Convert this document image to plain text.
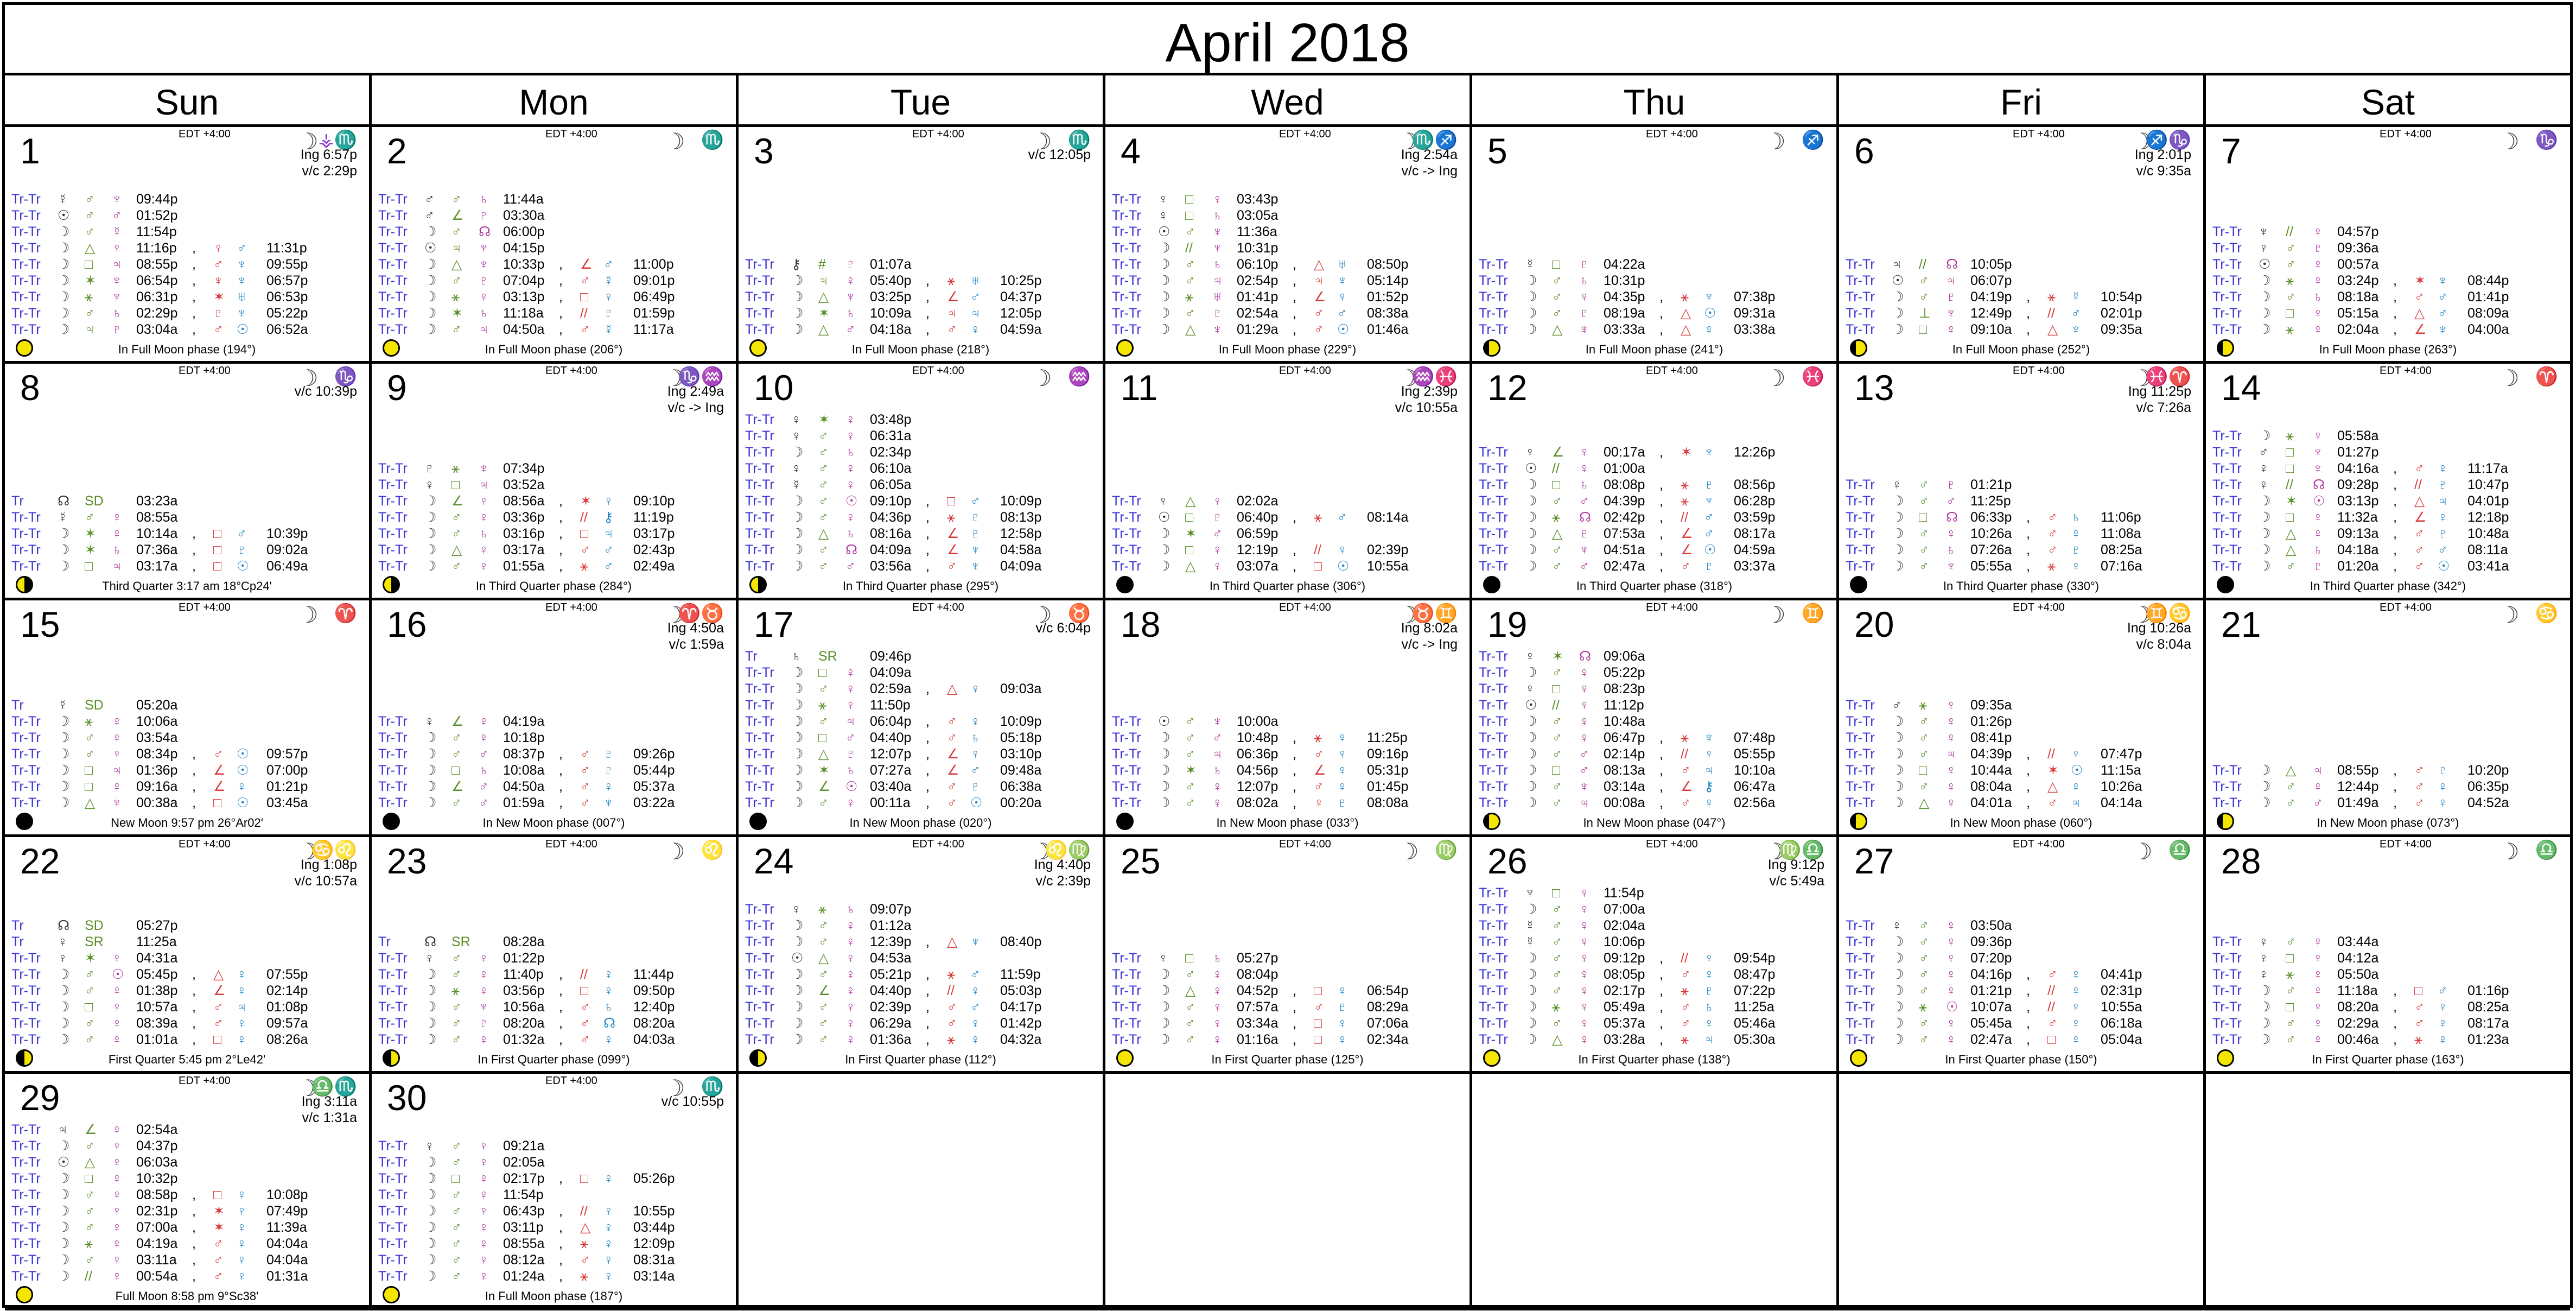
April 2018
Sun	Mon	Tue	Wed	Thu	Fri	Sat
1	EDT +4:00	☽ ⚶♏
Ing 6:57p
v/c 2:29p
Tr-Tr ☿ ♂ ♆ 09:44p
Tr-Tr ☉ ♂ ♂ 01:52p
Tr-Tr ☽ ♂ ☿ 11:54p
Tr-Tr ☽ △ ♀ 11:16p , ♀ ♂ 11:31p
Tr-Tr ☽ □ ♃ 08:55p , ♂ ♆ 09:55p
Tr-Tr ☽ ✶ ♆ 06:54p , ♆ ♆ 06:57p
Tr-Tr ☽ ⚹ ♆ 06:31p , ✶ ♅ 06:53p
Tr-Tr ☽ ♂ ♄ 02:29p , ♇ ♆ 05:22p
Tr-Tr ☽ ♃ ♇ 03:04a , ♂ ☉ 06:52a
In Full Moon phase (194°)
2	EDT +4:00	☽ ♏
Tr-Tr ♂ ♂ ♄ 11:44a
Tr-Tr ♂ ∠ ♇ 03:30a
Tr-Tr ☽ ♂ ☊ 06:00p
Tr-Tr ☉ ♃ ♆ 04:15p
Tr-Tr ☽ △ ♆ 10:33p , ∠ ♂ 11:00p
Tr-Tr ☽ ♂ ♇ 07:04p , ♂ ☿ 09:01p
Tr-Tr ☽ ⚹ ♀ 03:13p , □ ♀ 06:49p
Tr-Tr ☽ ✶ ♄ 11:18a , // ♇ 01:59p
Tr-Tr ☽ ♂ ♃ 04:50a , ♂ ☿ 11:17a
In Full Moon phase (206°)
3	EDT +4:00	☽ ♏
v/c 12:05p
Tr-Tr ⚷ # ♇ 01:07a
Tr-Tr ☽ ♃ ♀ 05:40p , ⚹ ♅ 10:25p
Tr-Tr ☽ △ ♆ 03:25p , ∠ ♂ 04:37p
Tr-Tr ☽ ✶ ♄ 10:09a , ♃ ♃ 12:05p
Tr-Tr ☽ △ ♂ 04:18a , ♂ ♀ 04:59a
In Full Moon phase (218°)
4	EDT +4:00	☽
♏♐
Ing 2:54a
v/c -> Ing
Tr-Tr ♀ □ ♀ 03:43p
Tr-Tr ♀ □ ♄ 03:05a
Tr-Tr ☉ ♂ ♆ 11:36a
Tr-Tr ☽ // ♆ 10:31p
Tr-Tr ☽ ♂ ♄ 06:10p , △ ♅ 08:50p
Tr-Tr ☽ ♂ ♃ 02:54p , ♃ ♆ 05:14p
Tr-Tr ☽ ⚹ ♅ 01:41p , ∠ ♀ 01:52p
Tr-Tr ☽ ♂ ♇ 02:54a , ♂ ♂ 08:38a
Tr-Tr ☽ △ ♆ 01:29a , ♂ ☉ 01:46a
In Full Moon phase (229°)
5	EDT +4:00	☽ ♐
Tr-Tr ☿ □ ♇ 04:22a
Tr-Tr ☽ ♂ ♄ 10:31p
Tr-Tr ☽ ♂ ♀ 04:35p , ⚹ ♆ 07:38p
Tr-Tr ☽ ♂ ♇ 08:19a , △ ☉ 09:31a
Tr-Tr ☽ △ ♆ 03:33a , △ ♀ 03:38a
In Full Moon phase (241°)
6	EDT +4:00	☽
♐♑
Ing 2:01p
v/c 9:35a
Tr-Tr ♃ // ☊ 10:05p
Tr-Tr ☉ ♂ ♃ 06:07p
Tr-Tr ☽ ♂ ♇ 04:19p , ⚹ ☿ 10:54p
Tr-Tr ☽ ⊥ ♆ 12:49p , // ♂ 02:01p
Tr-Tr ☽ □ ♀ 09:10a , △ ♆ 09:35a
In Full Moon phase (252°)
7	EDT +4:00	☽ ♑
Tr-Tr ♆ // ♀ 04:57p
Tr-Tr ♀ ♂ ♇ 09:36a
Tr-Tr ☉ ♂ ♀ 00:57a
Tr-Tr ☽ ⚹ ♀ 03:24p , ✶ ♆ 08:44p
Tr-Tr ☽ ♂ ♄ 08:18a , ♂ ♂ 01:41p
Tr-Tr ☽ □ ♀ 05:15a , △ ♂ 08:09a
Tr-Tr ☽ ⚹ ♀ 02:04a , ∠ ♆ 04:00a
In Full Moon phase (263°)
8	EDT +4:00	☽ ♑
v/c 10:39p
Tr ☊ SD 03:23a
Tr-Tr ☿ ♂ ♀ 08:55a
Tr-Tr ☽ ✶ ♀ 10:14a , □ ♂ 10:39p
Tr-Tr ☽ ✶ ♄ 07:36a , □ ♇ 09:02a
Tr-Tr ☽ □ ♃ 03:17a , □ ☉ 06:49a
Third Quarter 3:17 am 18°Cp24'
9	EDT +4:00	☽
♑♒
Ing 2:49a
v/c -> Ing
Tr-Tr ♇ ⚹ ♆ 07:34p
Tr-Tr ♀ □ ♃ 03:52a
Tr-Tr ☽ ∠ ♀ 08:56a , ✶ ♀ 09:10p
Tr-Tr ☽ ♂ ♀ 03:36p , // ⚷ 11:19p
Tr-Tr ☽ ♂ ♄ 03:16p , □ ♃ 03:17p
Tr-Tr ☽ △ ♀ 03:17a , ♂ ♂ 02:43p
Tr-Tr ☽ ♂ ♀ 01:55a , ⚹ ♂ 02:49a
In Third Quarter phase (284°)
10	EDT +4:00	☽ ♒
Tr-Tr ♀ ✶ ♀ 03:48p
Tr-Tr ♀ ♂ ♀ 06:31a
Tr-Tr ☽ ♂ ♄ 02:34p
Tr-Tr ♀ ♂ ♀ 06:10a
Tr-Tr ☿ ♂ ♀ 06:05a
Tr-Tr ☽ ♂ ☉ 09:10p , □ ♂ 10:09p
Tr-Tr ☽ ♂ ♀ 04:36p , ⚹ ♇ 08:13p
Tr-Tr ☽ △ ♄ 08:16a , ∠ ♇ 12:58p
Tr-Tr ☽ ♂ ☊ 04:09a , ∠ ♆ 04:58a
Tr-Tr ☽ ♂ ♂ 03:56a , ♂ ♆ 04:09a
In Third Quarter phase (295°)
11	EDT +4:00	☽
♒♓
Ing 2:39p
v/c 10:55a
Tr-Tr ♀ △ ♀ 02:02a
Tr-Tr ☉ □ ♇ 06:40p , ⚹ ♂ 08:14a
Tr-Tr ☽ ✶ ♂ 06:59p
Tr-Tr ☽ □ ♀ 12:19p , // ♀ 02:39p
Tr-Tr ☽ △ ♀ 03:07a , □ ☉ 10:55a
In Third Quarter phase (306°)
12	EDT +4:00	☽ ♓
Tr-Tr ♀ ∠ ♀ 00:17a , ✶ ♆ 12:26p
Tr-Tr ☉ // ♀ 01:00a
Tr-Tr ☽ □ ♄ 08:08p , ⚹ ♇ 08:56p
Tr-Tr ☽ ♂ ♂ 04:39p , ⚹ ♆ 06:28p
Tr-Tr ☽ ⚹ ☊ 02:42p , // ♂ 03:59p
Tr-Tr ☽ △ ♇ 07:53a , ∠ ♂ 08:17a
Tr-Tr ☽ ♂ ♆ 04:51a , ∠ ☉ 04:59a
Tr-Tr ☽ ♂ ♂ 02:47a , ♂ ♇ 03:37a
In Third Quarter phase (318°)
13	EDT +4:00	☽
♓♈
Ing 11:25p
v/c 7:26a
Tr-Tr ♀ ♂ ♇ 01:21p
Tr-Tr ☽ ♂ ♂ 11:25p
Tr-Tr ☽ □ ☊ 06:33p , ♂ ♄ 11:06p
Tr-Tr ☽ ♂ ♀ 10:26a , ♂ ♀ 11:08a
Tr-Tr ☽ ♂ ♄ 07:26a , ♂ ♇ 08:25a
Tr-Tr ☽ ♂ ♆ 05:55a , ⚹ ♀ 07:16a
In Third Quarter phase (330°)
14	EDT +4:00	☽ ♈
Tr-Tr ☽ ⚹ ♀ 05:58a
Tr-Tr ♂ □ ♆ 01:27p
Tr-Tr ♀ □ ♆ 04:16a , ♂ ♀ 11:17a
Tr-Tr ♀ // ☊ 09:28p , // ♇ 10:47p
Tr-Tr ☽ ✶ ☉ 03:13p , △ ♃ 04:01p
Tr-Tr ☽ □ ♀ 11:32a , ∠ ♀ 12:18p
Tr-Tr ☽ △ ♀ 09:13a , ♂ ♇ 10:48a
Tr-Tr ☽ △ ♄ 04:18a , ♂ ♂ 08:11a
Tr-Tr ☽ ♂ ♇ 01:20a , ♂ ☉ 03:41a
In Third Quarter phase (342°)
15	EDT +4:00	☽ ♈
Tr ☿ SD 05:20a
Tr-Tr ☽ ⚹ ♀ 10:06a
Tr-Tr ☽ ♂ ♀ 03:54a
Tr-Tr ☽ ♂ ♀ 08:34p , ♂ ☉ 09:57p
Tr-Tr ☽ □ ♃ 01:36p , ∠ ☉ 07:00p
Tr-Tr ☽ □ ♀ 09:16a , ∠ ♀ 01:21p
Tr-Tr ☽ △ ♆ 00:38a , □ ☉ 03:45a
New Moon 9:57 pm 26°Ar02'
16	EDT +4:00	☽
♈♉
Ing 4:50a
v/c 1:59a
Tr-Tr ♀ ∠ ♀ 04:19a
Tr-Tr ☽ ♂ ♀ 10:18p
Tr-Tr ☽ ♂ ♂ 08:37p , ♂ ♇ 09:26p
Tr-Tr ☽ □ ♄ 10:08a , ♂ ♇ 05:44p
Tr-Tr ☽ ∠ ♂ 04:50a , ♂ ♀ 05:37a
Tr-Tr ☽ ♂ ♂ 01:59a , ♂ ♆ 03:22a
In New Moon phase (007°)
17	EDT +4:00	☽ ♉
v/c 6:04p
Tr ♄ SR 09:46p
Tr-Tr ☽ □ ♀ 04:09a
Tr-Tr ☽ ♂ ♀ 02:59a , △ ♀ 09:03a
Tr-Tr ☽ ⚹ ♀ 11:50p
Tr-Tr ☽ ♂ ♃ 06:04p , ♂ ♀ 10:09p
Tr-Tr ☽ □ ♂ 04:40p , ♂ ♄ 05:18p
Tr-Tr ☽ △ ♇ 12:07p , ∠ ♀ 03:10p
Tr-Tr ☽ ✶ ♄ 07:27a , ∠ ♂ 09:48a
Tr-Tr ☽ ∠ ☉ 03:40a , ♂ ♇ 06:38a
Tr-Tr ☽ ♂ ♀ 00:11a , ♂ ☉ 00:20a
In New Moon phase (020°)
18	EDT +4:00	☽
♉♊
Ing 8:02a
v/c -> Ing
Tr-Tr ☉ ♂ ♆ 10:00a
Tr-Tr ☽ ♂ ♂ 10:48p , ⚹ ♀ 11:25p
Tr-Tr ☽ ♂ ♃ 06:36p , ♂ ♀ 09:16p
Tr-Tr ☽ ✶ ♄ 04:56p , ∠ ♀ 05:31p
Tr-Tr ☽ ♂ ♀ 12:07p , ♂ ♀ 01:45p
Tr-Tr ☽ ♂ ♀ 08:02a , ♀ ♇ 08:08a
In New Moon phase (033°)
19	EDT +4:00	☽ ♊
Tr-Tr ♀ ✶ ☊ 09:06a
Tr-Tr ☽ ♂ ♀ 05:22p
Tr-Tr ♀ □ ♀ 08:23p
Tr-Tr ☉ // ♀ 11:12p
Tr-Tr ☽ ♂ ♀ 10:48a
Tr-Tr ☽ ♂ ♀ 06:47p , ⚹ ♆ 07:48p
Tr-Tr ☽ ♂ ♂ 02:14p , // ♀ 05:55p
Tr-Tr ☽ □ ♂ 08:13a , ♂ ♃ 10:10a
Tr-Tr ☽ ♂ ♆ 03:14a , ∠ ⚷ 06:47a
Tr-Tr ☽ ♂ ♃ 00:08a , ♂ ♀ 02:56a
In New Moon phase (047°)
20	EDT +4:00	☽
♊♋
Ing 10:26a
v/c 8:04a
Tr-Tr ♂ ⚹ ♀ 09:35a
Tr-Tr ☽ ♂ ♀ 01:26p
Tr-Tr ☽ ♂ ♀ 08:41p
Tr-Tr ☽ ♂ ♃ 04:39p , // ♀ 07:47p
Tr-Tr ☽ □ ♀ 10:44a , ✶ ☉ 11:15a
Tr-Tr ☽ ♂ ♀ 08:04a , △ ♀ 10:26a
Tr-Tr ☽ △ ♀ 04:01a , ♂ ♃ 04:14a
In New Moon phase (060°)
21	EDT +4:00	☽ ♋
Tr-Tr ☽ △ ♃ 08:55p , ♂ ♇ 10:20p
Tr-Tr ☽ ♂ ♀ 12:44p , ♂ ♀ 06:35p
Tr-Tr ☽ ♂ ♂ 01:49a , ♂ ♀ 04:52a
In New Moon phase (073°)
22	EDT +4:00	☽
♋♌
Ing 1:08p
v/c 10:57a
Tr ☊ SD 05:27p
Tr ♀ SR 11:25a
Tr-Tr ♀ ✶ ♀ 04:31a
Tr-Tr ☽ ♂ ☉ 05:45p , △ ♀ 07:55p
Tr-Tr ☽ ♂ ♀ 01:38p , ∠ ♀ 02:14p
Tr-Tr ☽ □ ♀ 10:57a , ♂ ♃ 01:08p
Tr-Tr ☽ ♂ ♀ 08:39a , ♂ ♀ 09:57a
Tr-Tr ☽ ♂ ♀ 01:01a , □ ♀ 08:26a
First Quarter 5:45 pm 2°Le42'
23	EDT +4:00	☽ ♌
Tr ☊ SR 08:28a
Tr-Tr ♀ ♂ ♀ 01:22p
Tr-Tr ☽ ♂ ♀ 11:40p , // ♀ 11:44p
Tr-Tr ☽ ⚹ ♀ 03:56p , □ ♀ 09:50p
Tr-Tr ☽ ♂ ♆ 10:56a , ♂ ♄ 12:40p
Tr-Tr ☽ ♂ ♇ 08:20a , ♂ ☊ 08:20a
Tr-Tr ☽ ♂ ♀ 01:32a , ♂ ♀ 04:03a
In First Quarter phase (099°)
24	EDT +4:00	☽
♌♍
Ing 4:40p
v/c 2:39p
Tr-Tr ♀ ⚹ ♄ 09:07p
Tr-Tr ☽ ♂ ♀ 01:12a
Tr-Tr ☽ ♂ ♀ 12:39p , △ ♆ 08:40p
Tr-Tr ☉ △ ♀ 04:53a
Tr-Tr ☽ ♂ ♀ 05:21p , ⚹ ♂ 11:59p
Tr-Tr ☽ ∠ ♀ 04:40p , // ♀ 05:03p
Tr-Tr ☽ ♂ ♀ 02:39p , ♂ ♂ 04:17p
Tr-Tr ☽ ♂ ♀ 06:29a , ♂ ♀ 01:42p
Tr-Tr ☽ ♂ ♀ 01:36a , ⚹ ♀ 04:32a
In First Quarter phase (112°)
25	EDT +4:00	☽ ♍
Tr-Tr ♀ □ ♄ 05:27p
Tr-Tr ☽ ♂ ♀ 08:04p
Tr-Tr ☽ △ ♀ 04:52p , □ ♀ 06:54p
Tr-Tr ☽ ♂ ♀ 07:57a , ♂ ♇ 08:29a
Tr-Tr ☽ ♂ ♀ 03:34a , □ ♀ 07:06a
Tr-Tr ☽ ♂ ♀ 01:16a , □ ♀ 02:34a
In First Quarter phase (125°)
26	EDT +4:00	☽
♍♎
Ing 9:12p
v/c 5:49a
Tr-Tr ♆ □ ♀ 11:54p
Tr-Tr ☽ ♂ ♀ 07:00a
Tr-Tr ☿ ♂ ♀ 02:04a
Tr-Tr ☿ ♂ ♀ 10:06p
Tr-Tr ☽ ♂ ♀ 09:12p , // ♀ 09:54p
Tr-Tr ☽ ♂ ♀ 08:05p , ♂ ♀ 08:47p
Tr-Tr ☽ ♂ ♀ 02:17p , ⚹ ♇ 07:22p
Tr-Tr ☽ ⚹ ♀ 05:49a , ♂ ♄ 11:25a
Tr-Tr ☽ ♂ ♀ 05:37a , ♂ ♀ 05:46a
Tr-Tr ☽ △ ♀ 03:28a , ⚹ ♃ 05:30a
In First Quarter phase (138°)
27	EDT +4:00	☽ ♎
Tr-Tr ♀ ♂ ♀ 03:50a
Tr-Tr ☽ ♂ ♀ 09:36p
Tr-Tr ☽ ♂ ♀ 07:20p
Tr-Tr ☽ ♂ ♀ 04:16p , ♂ ♀ 04:41p
Tr-Tr ☽ ♂ ♀ 01:21p , // ♀ 02:31p
Tr-Tr ☽ ⚹ ☉ 10:07a , // ♀ 10:55a
Tr-Tr ☽ ♂ ♀ 05:45a , ♂ ♀ 06:18a
Tr-Tr ☽ ♂ ♀ 02:47a , □ ♀ 05:04a
In First Quarter phase (150°)
28	EDT +4:00	☽ ♎
Tr-Tr ♀ ♂ ♀ 03:44a
Tr-Tr ♀ □ ♀ 04:12a
Tr-Tr ♀ ⚹ ♀ 05:50a
Tr-Tr ☽ ♂ ♀ 11:18a , □ ♂ 01:16p
Tr-Tr ☽ □ ♀ 08:20a , ♂ ♀ 08:25a
Tr-Tr ☽ ♂ ♀ 02:29a , ♂ ♀ 08:17a
Tr-Tr ☽ ♂ ♀ 00:46a , ⚹ ♀ 01:23a
In First Quarter phase (163°)
29	EDT +4:00	☽
♎♏
Ing 3:11a
v/c 1:31a
Tr-Tr ♃ ∠ ♀ 02:54a
Tr-Tr ☽ ♂ ♀ 04:37p
Tr-Tr ☉ △ ♀ 06:03a
Tr-Tr ☽ □ ♀ 10:32p
Tr-Tr ☽ ♂ ♀ 08:58p , □ ♀ 10:08p
Tr-Tr ☽ ♂ ♀ 02:31p , ✶ ♀ 07:49p
Tr-Tr ☽ ♂ ♀ 07:00a , ✶ ♀ 11:39a
Tr-Tr ☽ ⚹ ♀ 04:19a , ♂ ♀ 04:04a
Tr-Tr ☽ ♂ ♀ 03:11a , ♂ ♀ 04:04a
Tr-Tr ☽ // ♀ 00:54a , ♂ ♀ 01:31a
Full Moon 8:58 pm 9°Sc38'
30	EDT +4:00	☽ ♏
v/c 10:55p
Tr-Tr ♀ ♂ ♀ 09:21a
Tr-Tr ☽ ♂ ♀ 02:05a
Tr-Tr ☽ □ ♀ 02:17p , □ ♀ 05:26p
Tr-Tr ☽ ♂ ♀ 11:54p
Tr-Tr ☽ ♂ ♀ 06:43p , // ♀ 10:55p
Tr-Tr ☽ ♂ ♀ 03:11p , △ ♀ 03:44p
Tr-Tr ☽ ♂ ♀ 08:55a , ⚹ ♀ 12:09p
Tr-Tr ☽ ♂ ♀ 08:12a , ♂ ♀ 08:31a
Tr-Tr ☽ ♂ ♀ 01:24a , ⚹ ♀ 03:14a
In Full Moon phase (187°)
